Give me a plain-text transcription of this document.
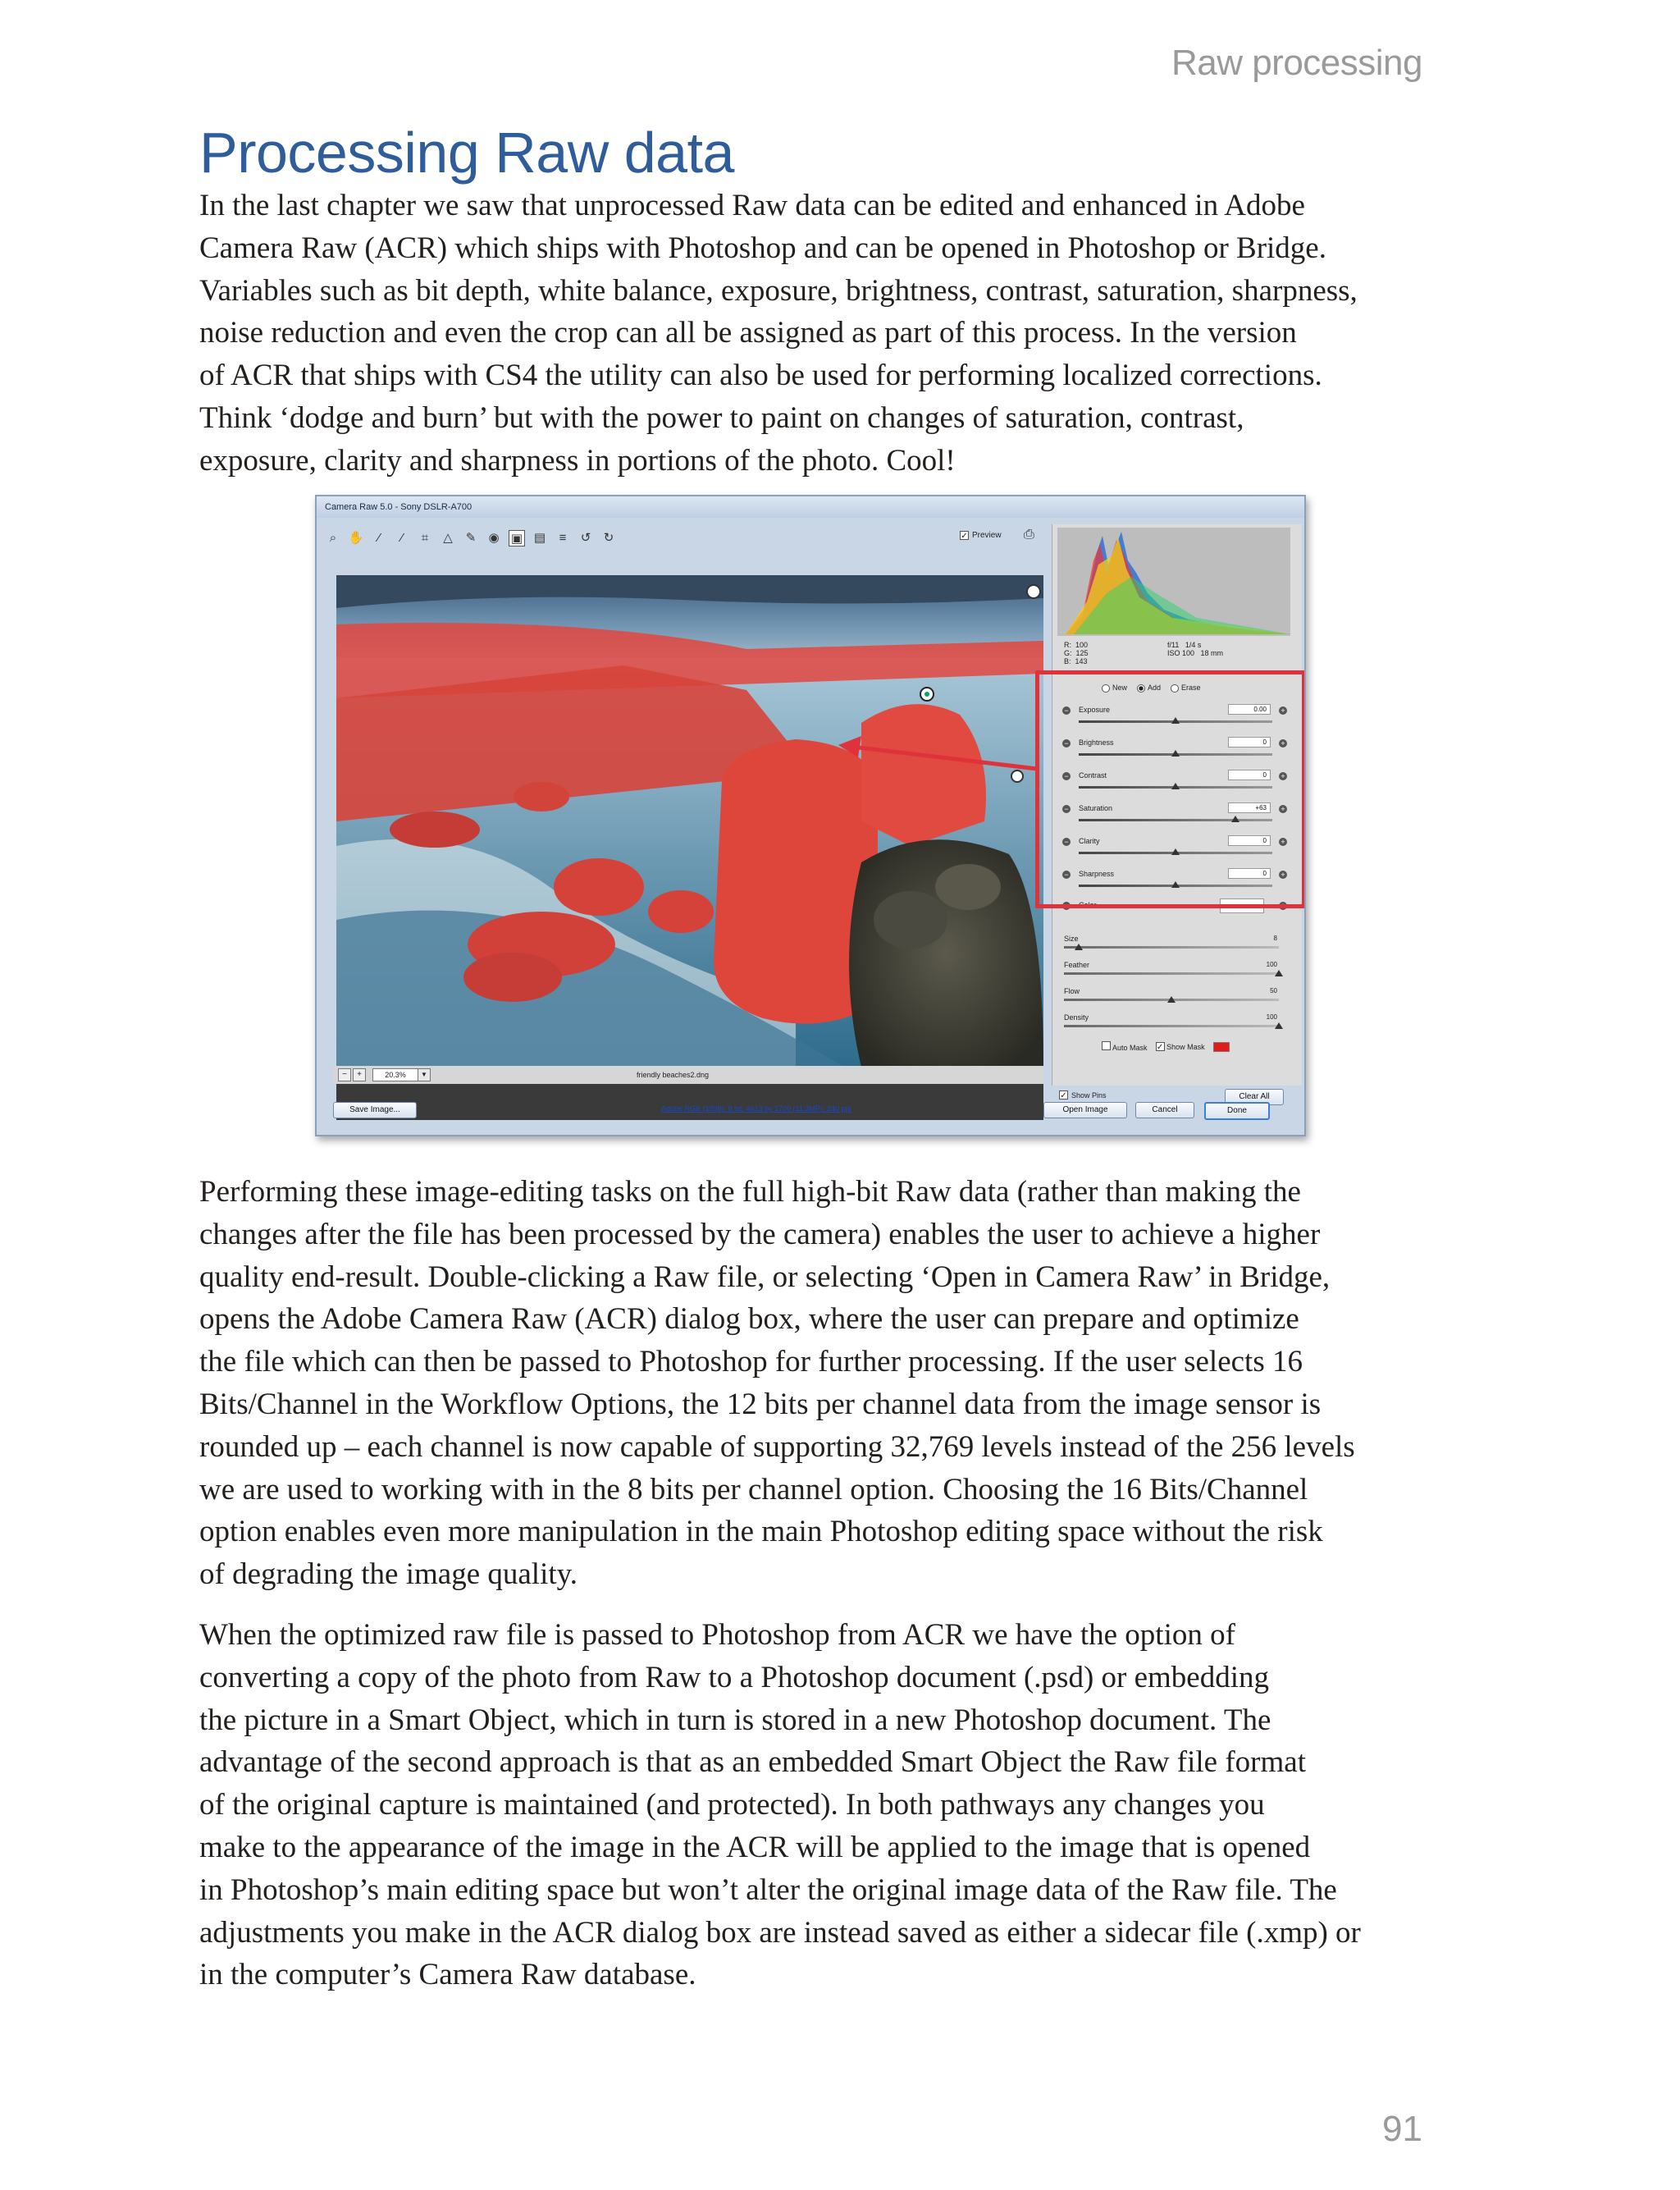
Raw processing
Processing Raw data

In the last chapter we saw that unprocessed Raw data can be edited and enhanced in Adobe
Camera Raw (ACR) which ships with Photoshop and can be opened in Photoshop or Bridge.
Variables such as bit depth, white balance, exposure, brightness, contrast, saturation, sharpness,
noise reduction and even the crop can all be assigned as part of this process. In the version
of ACR that ships with CS4 the utility can also be used for performing localized corrections.
Think ‘dodge and burn’ but with the power to paint on changes of saturation, contrast,
exposure, clarity and sharpness in portions of the photo. Cool!

Camera Raw 5.0 - Sony DSLR-A700
⌕ ✋	⁄	⁄	⌗	△ ✎ ◉ ▣ ▤	≡	↺ ↻	✓ Preview ⎙
−	+	20.3%	▼	friendly beaches2.dng
R:  100
G:  125
B:  143
f/11   1/4 s
ISO 100   18 mm
New	Add	Erase
− Exposure	0.00	+
− Brightness	0	+
− Contrast	0	+
− Saturation	+63	+
− Clarity	0	+
− Sharpness	0	+
− Color	+
Size	8
Feather	100
Flow	50
Density	100
Auto Mask ✓ Show Mask
✓ Show Pins	Clear All
Save Image...	Adobe RGB (1998); 8 bit; 4613 by 1700 (11.3MP); 240 ppi	Open Image	Cancel	Done

Performing these image-editing tasks on the full high-bit Raw data (rather than making the
changes after the file has been processed by the camera) enables the user to achieve a higher
quality end-result. Double-clicking a Raw file, or selecting ‘Open in Camera Raw’ in Bridge,
opens the Adobe Camera Raw (ACR) dialog box, where the user can prepare and optimize
the file which can then be passed to Photoshop for further processing. If the user selects 16
Bits/Channel in the Workflow Options, the 12 bits per channel data from the image sensor is
rounded up – each channel is now capable of supporting 32,769 levels instead of the 256 levels
we are used to working with in the 8 bits per channel option. Choosing the 16 Bits/Channel
option enables even more manipulation in the main Photoshop editing space without the risk
of degrading the image quality.

When the optimized raw file is passed to Photoshop from ACR we have the option of
converting a copy of the photo from Raw to a Photoshop document (.psd) or embedding
the picture in a Smart Object, which in turn is stored in a new Photoshop document. The
advantage of the second approach is that as an embedded Smart Object the Raw file format
of the original capture is maintained (and protected). In both pathways any changes you
make to the appearance of the image in the ACR will be applied to the image that is opened
in Photoshop’s main editing space but won’t alter the original image data of the Raw file. The
adjustments you make in the ACR dialog box are instead saved as either a sidecar file (.xmp) or
in the computer’s Camera Raw database.

91
